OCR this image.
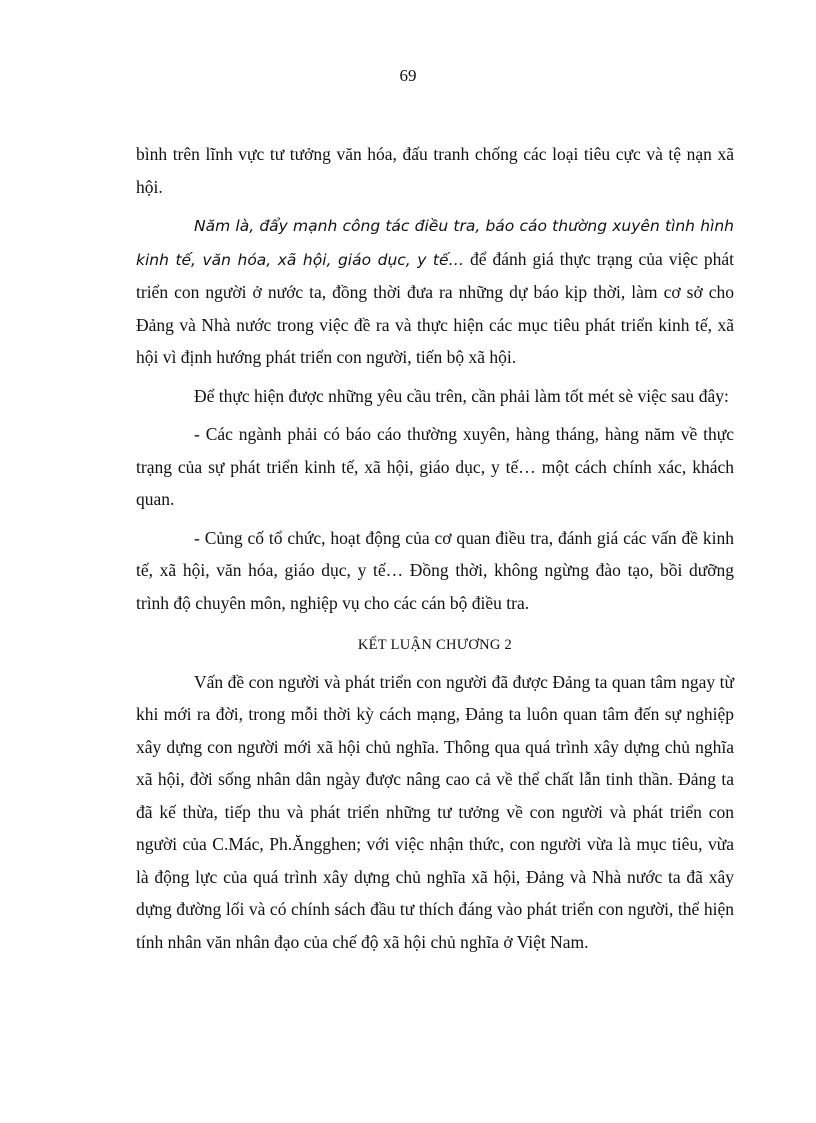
69

bình trên lĩnh vực tư tưởng văn hóa, đấu tranh chống các loại tiêu cực và tệ nạn xã hội.

Năm là, đẩy mạnh công tác điều tra, báo cáo thường xuyên tình hình kinh tế, văn hóa, xã hội, giáo dục, y tế… để đánh giá thực trạng của việc phát triển con người ở nước ta, đồng thời đưa ra những dự báo kịp thời, làm cơ sở cho Đảng và Nhà nước trong việc đề ra và thực hiện các mục tiêu phát triển kinh tế, xã hội vì định hướng phát triển con người, tiến bộ xã hội.

Để thực hiện được những yêu cầu trên, cần phải làm tốt mét sè việc sau đây:

- Các ngành phải có báo cáo thường xuyên, hàng tháng, hàng năm về thực trạng của sự phát triển kinh tế, xã hội, giáo dục, y tế… một cách chính xác, khách quan.

- Củng cố tổ chức, hoạt động của cơ quan điều tra, đánh giá các vấn đề kinh tế, xã hội, văn hóa, giáo dục, y tế… Đồng thời, không ngừng đào tạo, bồi dưỡng trình độ chuyên môn, nghiệp vụ cho các cán bộ điều tra.

KẾT LUẬN CHƯƠNG 2

Vấn đề con người và phát triển con người đã được Đảng ta quan tâm ngay từ khi mới ra đời, trong mỗi thời kỳ cách mạng, Đảng ta luôn quan tâm đến sự nghiệp xây dựng con người mới xã hội chủ nghĩa. Thông qua quá trình xây dựng chủ nghĩa xã hội, đời sống nhân dân ngày được nâng cao cả về thể chất lẫn tinh thần. Đảng ta đã kế thừa, tiếp thu và phát triển những tư tưởng về con người và phát triển con người của C.Mác, Ph.Ăngghen; với việc nhận thức, con người vừa là mục tiêu, vừa là động lực của quá trình xây dựng chủ nghĩa xã hội, Đảng và Nhà nước ta đã xây dựng đường lối và có chính sách đầu tư thích đáng vào phát triển con người, thể hiện tính nhân văn nhân đạo của chế độ xã hội chủ nghĩa ở Việt Nam.
